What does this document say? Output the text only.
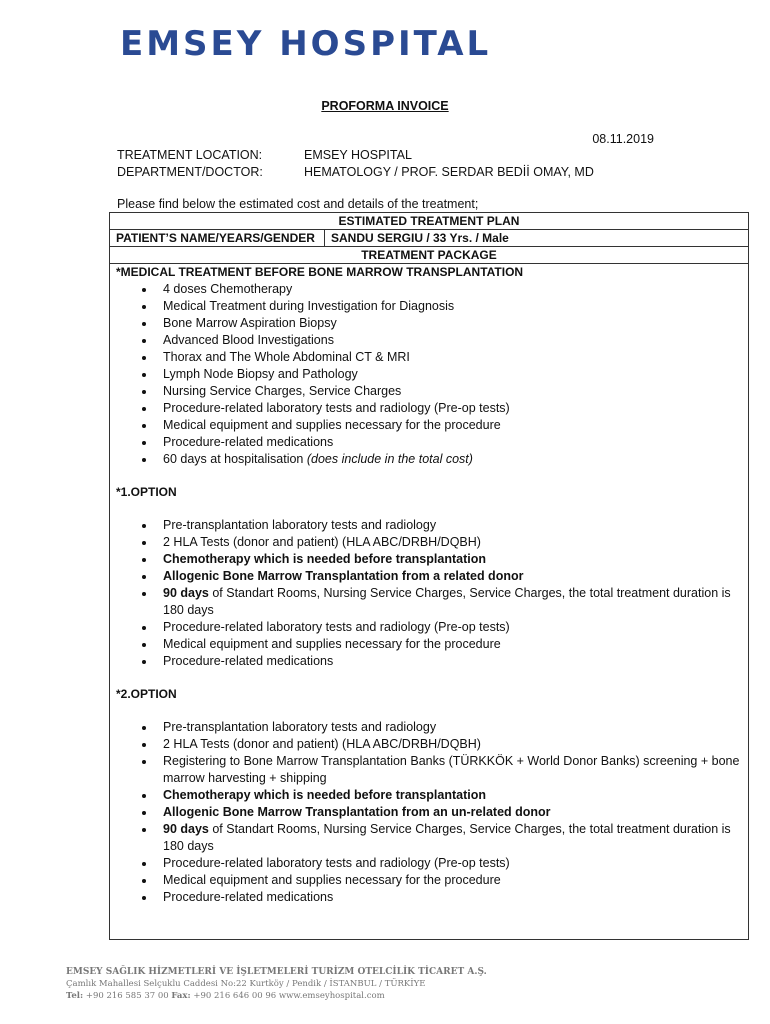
EMSEY HOSPITAL
PROFORMA INVOICE
08.11.2019
TREATMENT LOCATION:	EMSEY HOSPITAL
DEPARTMENT/DOCTOR:	HEMATOLOGY / PROF. SERDAR BEDİİ OMAY, MD
Please find below the estimated cost and details of the treatment;
ESTIMATED TREATMENT PLAN
PATIENT’S NAME/YEARS/GENDER	SANDU SERGIU / 33 Yrs. / Male
TREATMENT PACKAGE
*MEDICAL TREATMENT BEFORE BONE MARROW TRANSPLANTATION
4 doses Chemotherapy
Medical Treatment during Investigation for Diagnosis
Bone Marrow Aspiration Biopsy
Advanced Blood Investigations
Thorax and The Whole Abdominal CT & MRI
Lymph Node Biopsy and Pathology
Nursing Service Charges, Service Charges
Procedure-related laboratory tests and radiology (Pre-op tests)
Medical equipment and supplies necessary for the procedure
Procedure-related medications
60 days at hospitalisation (does include in the total cost)
*1.OPTION
Pre-transplantation laboratory tests and radiology
2 HLA Tests (donor and patient) (HLA ABC/DRBH/DQBH)
Chemotherapy which is needed before transplantation
Allogenic Bone Marrow Transplantation from a related donor
90 days of Standart Rooms, Nursing Service Charges, Service Charges, the total treatment duration is 180 days
Procedure-related laboratory tests and radiology (Pre-op tests)
Medical equipment and supplies necessary for the procedure
Procedure-related medications
*2.OPTION
Pre-transplantation laboratory tests and radiology
2 HLA Tests (donor and patient) (HLA ABC/DRBH/DQBH)
Registering to Bone Marrow Transplantation Banks (TÜRKKÖK + World Donor Banks) screening + bone marrow harvesting + shipping
Chemotherapy which is needed before transplantation
Allogenic Bone Marrow Transplantation from an un-related donor
90 days of Standart Rooms, Nursing Service Charges, Service Charges, the total treatment duration is 180 days
Procedure-related laboratory tests and radiology (Pre-op tests)
Medical equipment and supplies necessary for the procedure
Procedure-related medications
EMSEY SAĞLIK HİZMETLERİ VE İŞLETMELERİ TURİZM OTELCİLİK TİCARET A.Ş.
Çamlık Mahallesi Selçuklu Caddesi No:22 Kurtköy / Pendik / İSTANBUL / TÜRKİYE
Tel: +90 216 585 37 00 Fax: +90 216 646 00 96 www.emseyhospital.com
